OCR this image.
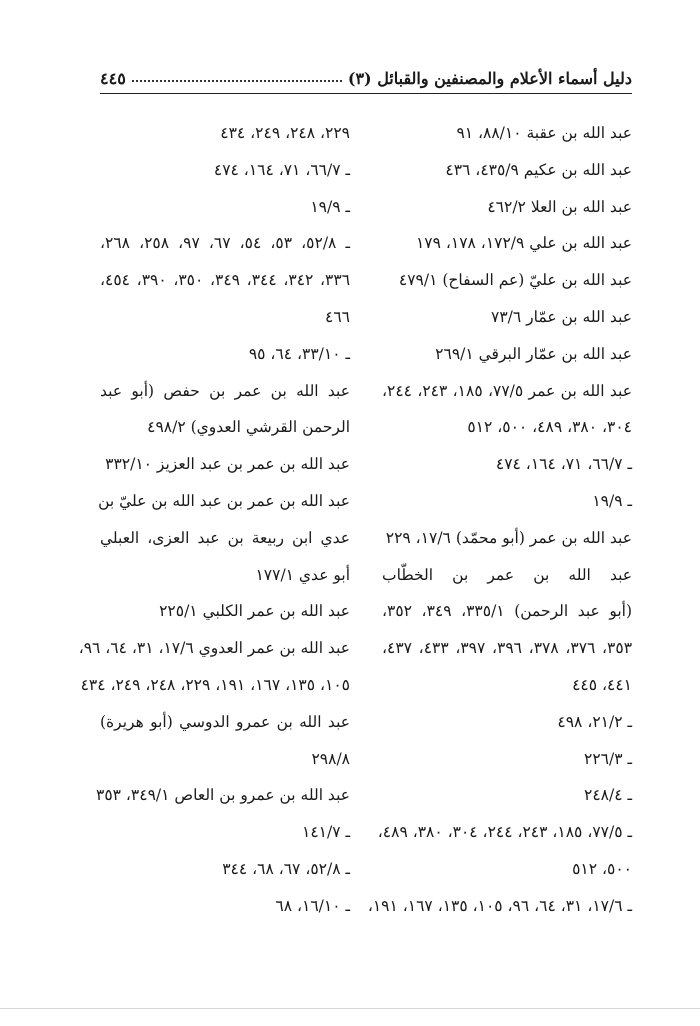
دليل أسماء الأعلام والمصنفين والقبائل (٣)
٤٤٥
عبد الله بن عقبة ٨٨/١٠، ٩١
عبد الله بن عكيم ٤٣٥/٩، ٤٣٦
عبد الله بن العلا ٤٦٢/٢
عبد الله بن علي ١٧٢/٩، ١٧٨، ١٧٩
عبد الله بن عليّ (عم السفاح) ٤٧٩/١
عبد الله بن عمّار ٧٣/٦
عبد الله بن عمّار البرقي ٢٦٩/١
عبد الله بن عمر ٧٧/٥، ١٨٥، ٢٤٣، ٢٤٤،
٣٠٤، ٣٨٠، ٤٨٩، ٥٠٠، ٥١٢
ـ ٦٦/٧، ٧١، ١٦٤، ٤٧٤
ـ ١٩/٩
عبد الله بن عمر (أبو محمّد) ١٧/٦، ٢٢٩
عبد الله بن عمر بن الخطّاب
(أبو عبد الرحمن) ٣٣٥/١، ٣٤٩، ٣٥٢،
٣٥٣، ٣٧٦، ٣٧٨، ٣٩٦، ٣٩٧، ٤٣٣، ٤٣٧،
٤٤١، ٤٤٥
ـ ٢١/٢، ٤٩٨
ـ ٢٢٦/٣
ـ ٢٤٨/٤
ـ ٧٧/٥، ١٨٥، ٢٤٣، ٢٤٤، ٣٠٤، ٣٨٠، ٤٨٩،
٥٠٠، ٥١٢
ـ ١٧/٦، ٣١، ٦٤، ٩٦، ١٠٥، ١٣٥، ١٦٧، ١٩١،
٢٢٩، ٢٤٨، ٢٤٩، ٤٣٤
ـ ٦٦/٧، ٧١، ١٦٤، ٤٧٤
ـ ١٩/٩
ـ ٥٢/٨، ٥٣، ٥٤، ٦٧، ٩٧، ٢٥٨، ٢٦٨،
٣٣٦، ٣٤٢، ٣٤٤، ٣٤٩، ٣٥٠، ٣٩٠، ٤٥٤،
٤٦٦
ـ ٣٣/١٠، ٦٤، ٩٥
عبد الله بن عمر بن حفص (أبو عبد
الرحمن القرشي العدوي) ٤٩٨/٢
عبد الله بن عمر بن عبد العزيز ٣٣٢/١٠
عبد الله بن عمر بن عبد الله بن عليّ بن
عدي ابن ربيعة بن عبد العزى، العبلي
أبو عدي ١٧٧/١
عبد الله بن عمر الكلبي ٢٢٥/١
عبد الله بن عمر العدوي ١٧/٦، ٣١، ٦٤، ٩٦،
١٠٥، ١٣٥، ١٦٧، ١٩١، ٢٢٩، ٢٤٨، ٢٤٩، ٤٣٤
عبد الله بن عمرو الدوسي (أبو هريرة)
٢٩٨/٨
عبد الله بن عمرو بن العاص ٣٤٩/١، ٣٥٣
ـ ١٤١/٧
ـ ٥٢/٨، ٦٧، ٦٨، ٣٤٤
ـ ١٦/١٠، ٦٨
